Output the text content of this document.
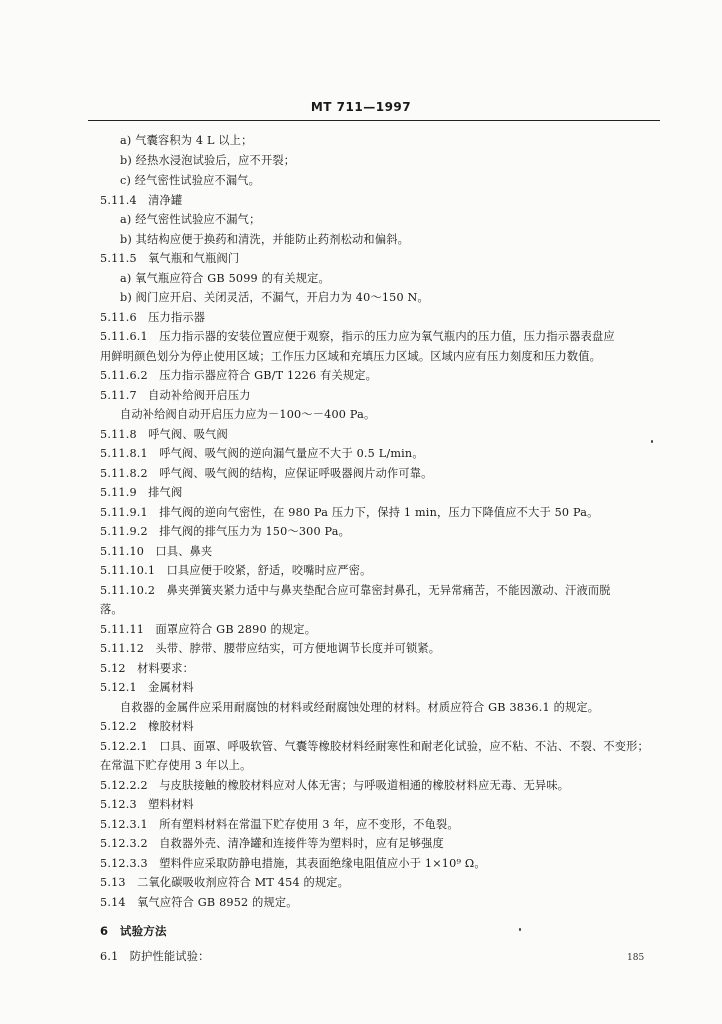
MT 711—1997
a) 气囊容积为 4 L 以上；
b) 经热水浸泡试验后，应不开裂；
c) 经气密性试验应不漏气。
5.11.4　清净罐
a) 经气密性试验应不漏气；
b) 其结构应便于换药和清洗，并能防止药剂松动和偏斜。
5.11.5　氧气瓶和气瓶阀门
a) 氧气瓶应符合 GB 5099 的有关规定。
b) 阀门应开启、关闭灵活，不漏气，开启力为 40～150 N。
5.11.6　压力指示器
5.11.6.1　压力指示器的安装位置应便于观察，指示的压力应为氧气瓶内的压力值，压力指示器表盘应
用鲜明颜色划分为停止使用区域；工作压力区域和充填压力区域。区域内应有压力刻度和压力数值。
5.11.6.2　压力指示器应符合 GB/T 1226 有关规定。
5.11.7　自动补给阀开启压力
自动补给阀自动开启压力应为－100～－400 Pa。
5.11.8　呼气阀、吸气阀
5.11.8.1　呼气阀、吸气阀的逆向漏气量应不大于 0.5 L/min。
5.11.8.2　呼气阀、吸气阀的结构，应保证呼吸器阀片动作可靠。
5.11.9　排气阀
5.11.9.1　排气阀的逆向气密性，在 980 Pa 压力下，保持 1 min，压力下降值应不大于 50 Pa。
5.11.9.2　排气阀的排气压力为 150～300 Pa。
5.11.10　口具、鼻夹
5.11.10.1　口具应便于咬紧，舒适，咬嘴时应严密。
5.11.10.2　鼻夹弹簧夹紧力适中与鼻夹垫配合应可靠密封鼻孔，无异常痛苦，不能因激动、汗液而脱
落。
5.11.11　面罩应符合 GB 2890 的规定。
5.11.12　头带、脖带、腰带应结实，可方便地调节长度并可锁紧。
5.12　材料要求：
5.12.1　金属材料
自救器的金属件应采用耐腐蚀的材料或经耐腐蚀处理的材料。材质应符合 GB 3836.1 的规定。
5.12.2　橡胶材料
5.12.2.1　口具、面罩、呼吸软管、气囊等橡胶材料经耐寒性和耐老化试验，应不粘、不沾、不裂、不变形；
在常温下贮存使用 3 年以上。
5.12.2.2　与皮肤接触的橡胶材料应对人体无害；与呼吸道相通的橡胶材料应无毒、无异味。
5.12.3　塑料材料
5.12.3.1　所有塑料材料在常温下贮存使用 3 年，应不变形，不龟裂。
5.12.3.2　自救器外壳、清净罐和连接件等为塑料时，应有足够强度
5.12.3.3　塑料件应采取防静电措施，其表面绝缘电阻值应小于 1×10⁹ Ω。
5.13　二氧化碳吸收剂应符合 MT 454 的规定。
5.14　氧气应符合 GB 8952 的规定。
6　试验方法
6.1　防护性能试验：	185
